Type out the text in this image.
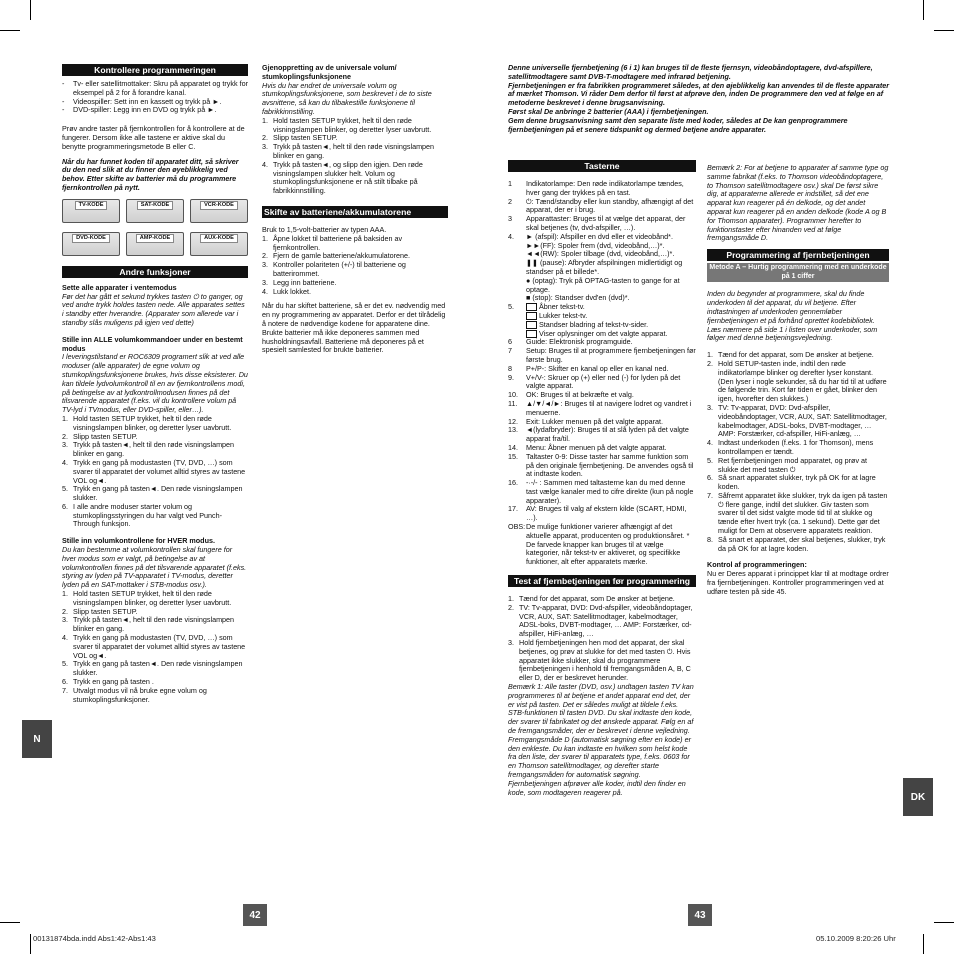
N
DK
42	43
00131874bda.indd Abs1:42-Abs1:43	05.10.2009 8:20:26 Uhr
Kontrollere programmeringen
-	Tv- eller satellitmottaker: Skru på apparatet og trykk for eksempel på 2 for å forandre kanal.
-	Videospiller: Sett inn en kassett og trykk på ►.
-	DVD-spiller: Legg inn en DVD og trykk på ►.

Prøv andre taster på fjernkontrollen for å kontrollere at de fungerer. Dersom ikke alle tastene er aktive skal du benytte programmeringsmetode B eller C.

Når du har funnet koden til apparatet ditt, så skriver du den ned slik at du finner den øyeblikkelig ved behov. Etter skifte av batterier må du programmere fjernkontrollen på nytt.

TV-KODE	SAT-KODE	VCR-KODE
DVD-KODE	AMP-KODE	AUX-KODE
Andre funksjoner

Sette alle apparater i ventemodus

Før det har gått et sekund trykkes tasten ⏻ to ganger, og ved andre trykk holdes tasten nede. Alle apparates settes i standby etter hverandre. (Apparater som allerede var i standby slås muligens på igjen ved dette)

Stille inn ALLE volumkommandoer under en bestemt modus

I leveringstilstand er ROC6309 programert slik at ved alle moduser (alle apparater) de egne volum og stumkoplingsfunksjonene brukes, hvis disse eksisterer. Du kan tildele lydvolumkontroll til en av fjernkontrollens modi, på betingelse av at lydkontrollmodusen finnes på det tilsvarende apparatet (f.eks. vil du kontrollere volum på TV-lyd i TVmodus, eller DVD-spiller, eller…).

1. Hold tasten SETUP trykket, helt til den røde visningslampen blinker, og deretter lyser uavbrutt.
2. Slipp tasten SETUP.
3. Trykk på tasten◄, helt til den røde visningslampen blinker en gang.
4. Trykk en gang på modustasten (TV, DVD, …) som svarer til apparatet der volumet alltid styres av tastene VOL og◄.
5. Trykk en gang på tasten◄. Den røde visningslampen slukker.
6. I alle andre moduser starter volum og stumkoplingsstyringen du har valgt ved Punch-Through funksjon.

Stille inn volumkontrollene for HVER modus.

Du kan bestemme at volumkontrollen skal fungere for hver modus som er valgt, på betingelse av at volumkontrollen finnes på det tilsvarende apparatet (f.eks. styring av lyden på TV-apparatet i TV-modus, deretter lyden på en SAT-mottaker i STB-modus osv.).

1. Hold tasten SETUP trykket, helt til den røde visningslampen blinker, og deretter lyser uavbrutt.
2. Slipp tasten SETUP.
3. Trykk på tasten◄, helt til den røde visningslampen blinker en gang.
4. Trykk en gang på modustasten (TV, DVD, …) som svarer til apparatet der volumet alltid styres av tastene VOL og◄.
5. Trykk en gang på tasten◄. Den røde visningslampen slukker.
6. Trykk en gang på tasten .
7. Utvalgt modus vil nå bruke egne volum og stumkoplingsfunksjoner.

Gjenoppretting av de universale volum/ stumkoplingsfunksjonene

Hvis du har endret de universale volum og stumkoplingsfunksjonene, som beskrevet i de to siste avsnittene, så kan du tilbakestille funksjonene til fabrikkinnstilling.

1. Hold tasten SETUP trykket, helt til den røde visningslampen blinker, og deretter lyser uavbrutt.
2. Slipp tasten SETUP.
3. Trykk på tasten◄, helt til den røde visningslampen blinker en gang.
4. Trykk på tasten◄, og slipp den igjen. Den røde visningslampen slukker helt. Volum og stumkoplingsfunksjonene er nå stilt tilbake på fabrikkinnstilling.
Skifte av batteriene/akkumulatorene

Bruk to 1,5-volt-batterier av typen AAA.

1. Åpne lokket til batteriene på baksiden av fjernkontrollen.
2. Fjern de gamle batteriene/akkumulatorene.
3. Kontroller polariteten (+/-) til batteriene og batterirommet.
3. Legg inn batteriene.
4. Lukk lokket.

Når du har skiftet batteriene, så er det ev. nødvendig med en ny programmering av apparatet. Derfor er det tilrådelig å notere de nødvendige kodene for apparatene dine.

Brukte batterier må ikke deponeres sammen med husholdningsavfall. Batteriene må deponeres på et spesielt samlested for brukte batterier.

Denne universelle fjernbetjening (6 i 1) kan bruges til de fleste fjernsyn, videobåndoptagere, dvd-afspillere, satellitmodtagere samt DVB-T-modtagere med infrarød betjening.

Fjernbetjeningen er fra fabrikken programmeret således, at den øjeblikkelig kan anvendes til de fleste apparater af mærket Thomson. Vi råder Dem derfor til først at afprøve den, inden De programmere den ved at følge en af metoderne beskrevet i denne brugsanvisning.

Først skal De anbringe 2 batterier (AAA) i fjernbetjeningen.

Gem denne brugsanvisning samt den separate liste med koder, således at De kan genprogrammere fjernbetjeningen på et senere tidspunkt og dermed betjene andre apparater.

Tasterne
1	Indikatorlampe: Den røde indikatorlampe tændes, hver gang der trykkes på en tast.
2	⏻: Tænd/standby eller kun standby, afhængigt af det apparat, der er i brug.
3	Apparattaster: Bruges til at vælge det apparat, der skal betjenes (tv, dvd-afspiller, …).
4.	► (afspil): Afspiller en dvd eller et videobånd*.
►►(FF): Spoler frem (dvd, videobånd,…)*.
◄◄(RW): Spoler tilbage (dvd, videobånd,…)*.
❚❚ (pause): Afbryder afspilningen midlertidigt og standser på et billede*.
● (optag): Tryk på OPTAG-tasten to gange for at optage.
■ (stop): Standser dvd'en (dvd)*.
5.	Åbner tekst-tv.
Lukker tekst-tv.
Standser bladring af tekst-tv-sider.
Viser oplysninger om det valgte apparat.
6	Guide: Elektronisk programguide.
7	Setup: Bruges til at programmere fjernbetjeningen før første brug.
8	P+/P-: Skifter en kanal op eller en kanal ned.
9.	V+/V-: Skruer op (+) eller ned (-) for lyden på det valgte apparat.
10.	OK: Bruges til at bekræfte et valg.
11.	▲/▼/◄/►: Bruges til at navigere lodret og vandret i menuerne.
12.	Exit: Lukker menuen på det valgte apparat.
13.	◄(lydafbryder): Bruges til at slå lyden på det valgte apparat fra/til.
14.	Menu: Åbner menuen på det valgte apparat.
15.	Taltaster 0-9: Disse taster har samme funktion som på den originale fjernbetjening. De anvendes også til at indtaste koden.
16.	-·-/- : Sammen med taltasterne kan du med denne tast vælge kanaler med to cifre direkte (kun på nogle apparater).
17.	AV: Bruges til valg af ekstern kilde (SCART, HDMI, …).
OBS: De mulige funktioner varierer afhængigt af det aktuelle apparat, producenten og produktionsåret. * De farvede knapper kan bruges til at vælge kategorier, når tekst-tv er aktiveret, og specifikke funktioner, alt efter apparatets mærke.
Test af fjernbetjeningen før programmering
1. Tænd for det apparat, som De ønsker at betjene.
2. TV: Tv-apparat, DVD: Dvd-afspiller, videobåndoptager, VCR, AUX, SAT: Satellitmodtager, kabelmodtager, ADSL-boks, DVBT-modtager, … AMP: Forstærker, cd-afspiller, HiFi-anlæg, …
3. Hold fjernbetjeningen hen mod det apparat, der skal betjenes, og prøv at slukke for det med tasten ⏻. Hvis apparatet ikke slukker, skal du programmere fjernbetjeningen i henhold til fremgangsmåden A, B, C eller D, der er beskrevet herunder.

Bemærk 1: Alle taster (DVD, osv.) undtagen tasten TV kan programmeres til at betjene et andet apparat end det, der er vist på tasten. Det er således muligt at tildele f.eks. STB-funktionen til tasten DVD. Du skal indtaste den kode, der svarer til fabrikatet og det ønskede apparat. Følg en af de fremgangsmåder, der er beskrevet i denne vejledning. Fremgangsmåde D (automatisk søgning efter en kode) er den enkleste. Du kan indtaste en hvilken som helst kode fra den liste, der svarer til apparatets type, f.eks. 0603 for en Thomson satellitmodtager, og derefter starte fremgangsmåden for automatisk søgning. Fjernbetjeningen afprøver alle koder, indtil den finder en kode, som modtageren reagerer på.

Bemærk 2: For at betjene to apparater af samme type og samme fabrikat (f.eks. to Thomson videobåndoptagere, to Thomson satellitmodtagere osv.) skal De først sikre dig, at apparaterne allerede er indstillet, så det ene apparat kun reagerer på én delkode, og det andet apparat kun reagerer på en anden delkode (kode A og B for Thomson apparater). Programmer herefter to funktionstaster efter hinanden ved at følge fremgangsmåde D.

Programmering af fjernbetjeningen
Metode A – Hurtig programmering med en underkode på 1 ciffer

Inden du begynder at programmere, skal du finde underkoden til det apparat, du vil betjene. Efter indtastningen af underkoden gennemløber fjernbetjeningen et på forhånd oprettet kodebibliotek. Læs nærmere på side 1 i listen over underkoder, som følger med denne betjeningsvejledning.

1. Tænd for det apparat, som De ønsker at betjene.
2. Hold SETUP-tasten inde, indtil den røde indikatorlampe blinker og derefter lyser konstant. (Den lyser i nogle sekunder, så du har tid til at udføre de følgende trin. Kort før tiden er gået, blinker den igen, hvorefter den slukkes.)
3. TV: Tv-apparat, DVD: Dvd-afspiller, videobåndoptager, VCR, AUX, SAT: Satellitmodtager, kabelmodtager, ADSL-boks, DVBT-modtager, … AMP: Forstærker, cd-afspiller, HiFi-anlæg, …
4. Indtast underkoden (f.eks. 1 for Thomson), mens kontrollampen er tændt.
5. Ret fjernbetjeningen mod apparatet, og prøv at slukke det med tasten ⏻
6. Så snart apparatet slukker, tryk på OK for at lagre koden.
7. Såfremt apparatet ikke slukker, tryk da igen på tasten ⏻ flere gange, indtil det slukker. Giv tasten som svarer til det sidst valgte mode tid til at slukke og tænde efter hvert tryk (ca. 1 sekund). Dette gør det muligt for Dem at observere apparatets reaktion.
8. Så snart et apparatet, der skal betjenes, slukker, tryk da på OK for at lagre koden.

Kontrol af programmeringen:

Nu er Deres apparat i princippet klar til at modtage ordrer fra fjernbetjeningen. Kontroller programmeringen ved at udføre testen på side 45.
